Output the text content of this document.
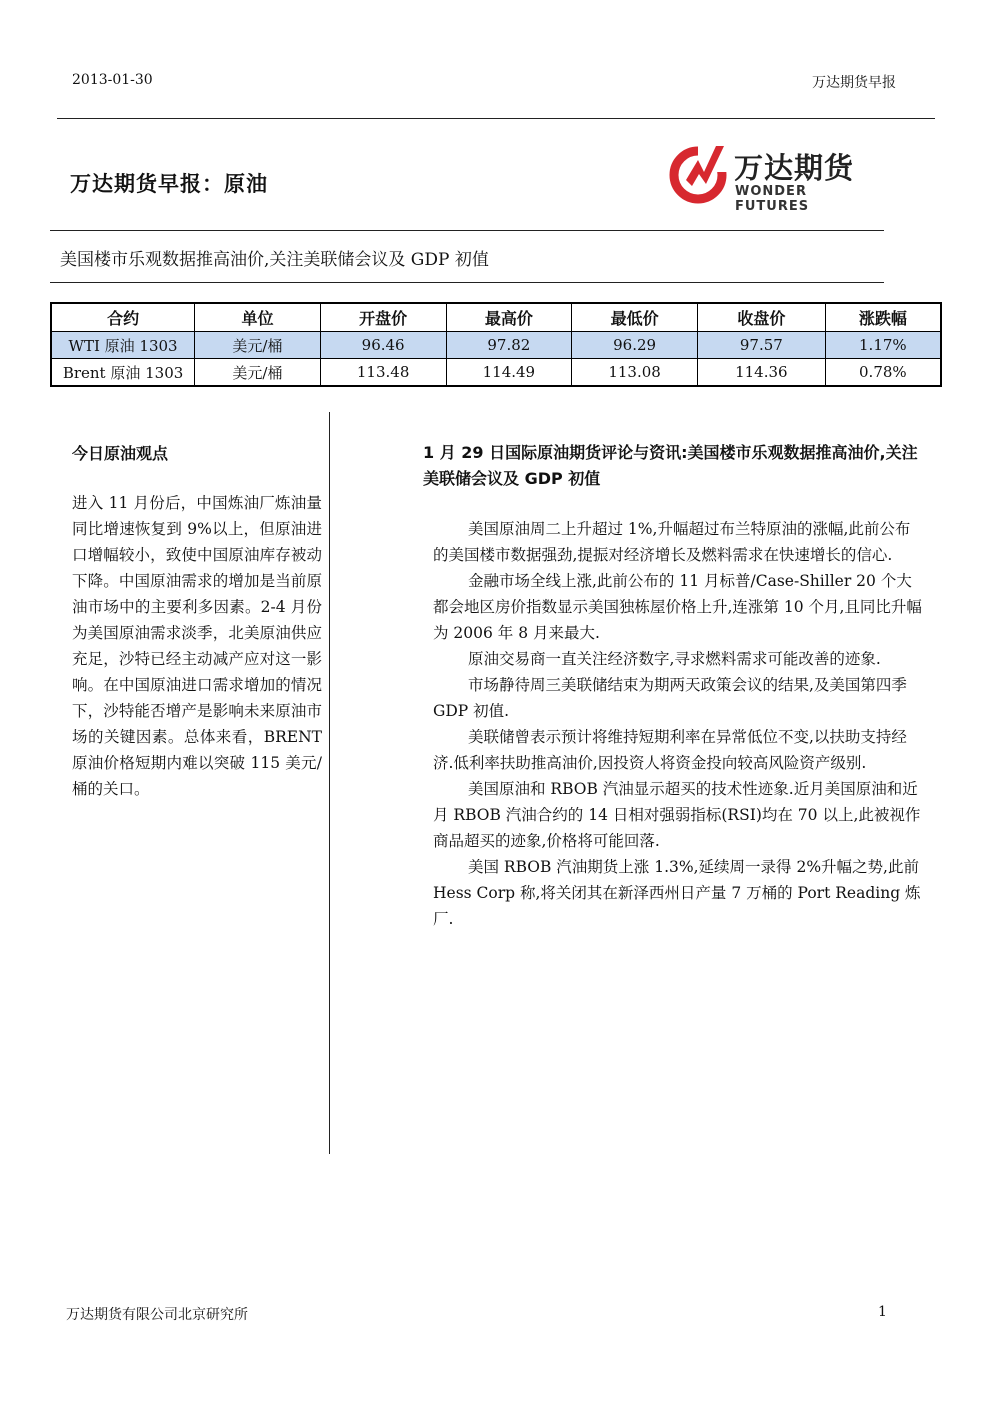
2013-01-30	万达期货早报
万达期货早报：原油	万达期货
WONDER FUTURES
美国楼市乐观数据推高油价,关注美联储会议及 GDP 初值
合约	单位	开盘价	最高价	最低价	收盘价	涨跌幅
WTI 原油 1303	美元/桶	96.46	97.82	96.29	97.57	1.17%
Brent 原油 1303	美元/桶	113.48	114.49	113.08	114.36	0.78%
今日原油观点

进入 11 月份后，中国炼油厂炼油量同比增速恢复到 9%以上，但原油进口增幅较小，致使中国原油库存被动下降。中国原油需求的增加是当前原油市场中的主要利多因素。2-4 月份为美国原油需求淡季，北美原油供应充足，沙特已经主动减产应对这一影响。在中国原油进口需求增加的情况下，沙特能否增产是影响未来原油市场的关键因素。总体来看，BRENT 原油价格短期内难以突破 115 美元/桶的关口。

1 月 29 日国际原油期货评论与资讯:美国楼市乐观数据推高油价,关注美联储会议及 GDP 初值

美国原油周二上升超过 1%,升幅超过布兰特原油的涨幅,此前公布的美国楼市数据强劲,提振对经济增长及燃料需求在快速增长的信心.

金融市场全线上涨,此前公布的 11 月标普/Case-Shiller 20 个大都会地区房价指数显示美国独栋屋价格上升,连涨第 10 个月,且同比升幅为 2006 年 8 月来最大.

原油交易商一直关注经济数字,寻求燃料需求可能改善的迹象.

市场静待周三美联储结束为期两天政策会议的结果,及美国第四季 GDP 初值.

美联储曾表示预计将维持短期利率在异常低位不变,以扶助支持经济.低利率扶助推高油价,因投资人将资金投向较高风险资产级别.

美国原油和 RBOB 汽油显示超买的技术性迹象.近月美国原油和近月 RBOB 汽油合约的 14 日相对强弱指标(RSI)均在 70 以上,此被视作商品超买的迹象,价格将可能回落.

美国 RBOB 汽油期货上涨 1.3%,延续周一录得 2%升幅之势,此前 Hess Corp 称,将关闭其在新泽西州日产量 7 万桶的 Port Reading 炼厂.

万达期货有限公司北京研究所	1
